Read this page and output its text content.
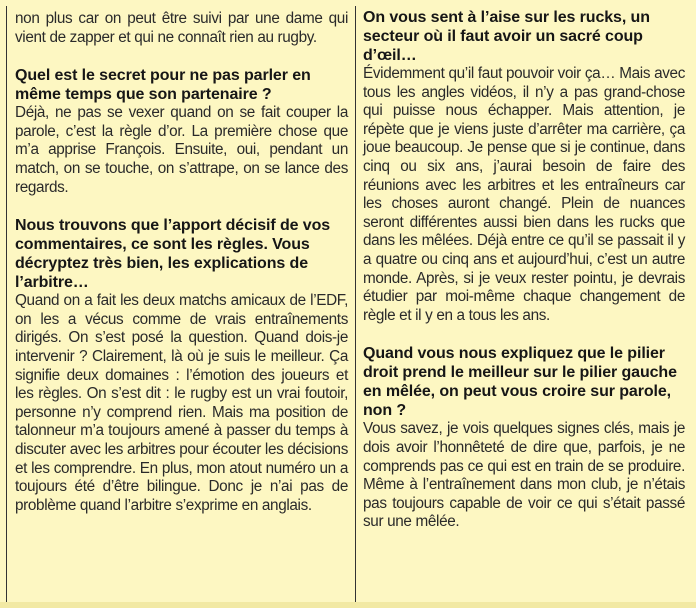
non plus car on peut être suivi par une dame qui vient de zapper et qui ne connaît rien au rugby.

Quel est le secret pour ne pas parler en même temps que son partenaire ?

Déjà, ne pas se vexer quand on se fait couper la parole, c’est la règle d’or. La première chose que m’a apprise François. Ensuite, oui, pendant un match, on se touche, on s’attrape, on se lance des regards.

Nous trouvons que l’apport décisif de vos commentaires, ce sont les règles. Vous décryptez très bien, les explications de l’arbitre…

Quand on a fait les deux matchs amicaux de l’EDF, on les a vécus comme de vrais entraînements dirigés. On s’est posé la question. Quand dois-je intervenir ? Clairement, là où je suis le meilleur. Ça signifie deux domaines : l’émotion des joueurs et les règles. On s’est dit : le rugby est un vrai foutoir, personne n’y comprend rien. Mais ma position de talonneur m’a toujours amené à passer du temps à discuter avec les arbitres pour écouter les décisions et les comprendre. En plus, mon atout numéro un a toujours été d’être bilingue. Donc je n’ai pas de problème quand l’arbitre s’exprime en anglais.

On vous sent à l’aise sur les rucks, un secteur où il faut avoir un sacré coup d’œil…

Évidemment qu’il faut pouvoir voir ça… Mais avec tous les angles vidéos, il n’y a pas grand-chose qui puisse nous échapper. Mais attention, je répète que je viens juste d’arrêter ma carrière, ça joue beaucoup. Je pense que si je continue, dans cinq ou six ans, j’aurai besoin de faire des réunions avec les arbitres et les entraîneurs car les choses auront changé. Plein de nuances seront différentes aussi bien dans les rucks que dans les mêlées. Déjà entre ce qu’il se passait il y a quatre ou cinq ans et aujourd’hui, c’est un autre monde. Après, si je veux rester pointu, je devrais étudier par moi-même chaque changement de règle et il y en a tous les ans.

Quand vous nous expliquez que le pilier droit prend le meilleur sur le pilier gauche en mêlée, on peut vous croire sur parole, non ?

Vous savez, je vois quelques signes clés, mais je dois avoir l’honnêteté de dire que, parfois, je ne comprends pas ce qui est en train de se produire. Même à l’entraînement dans mon club, je n’étais pas toujours capable de voir ce qui s’était passé sur une mêlée.
